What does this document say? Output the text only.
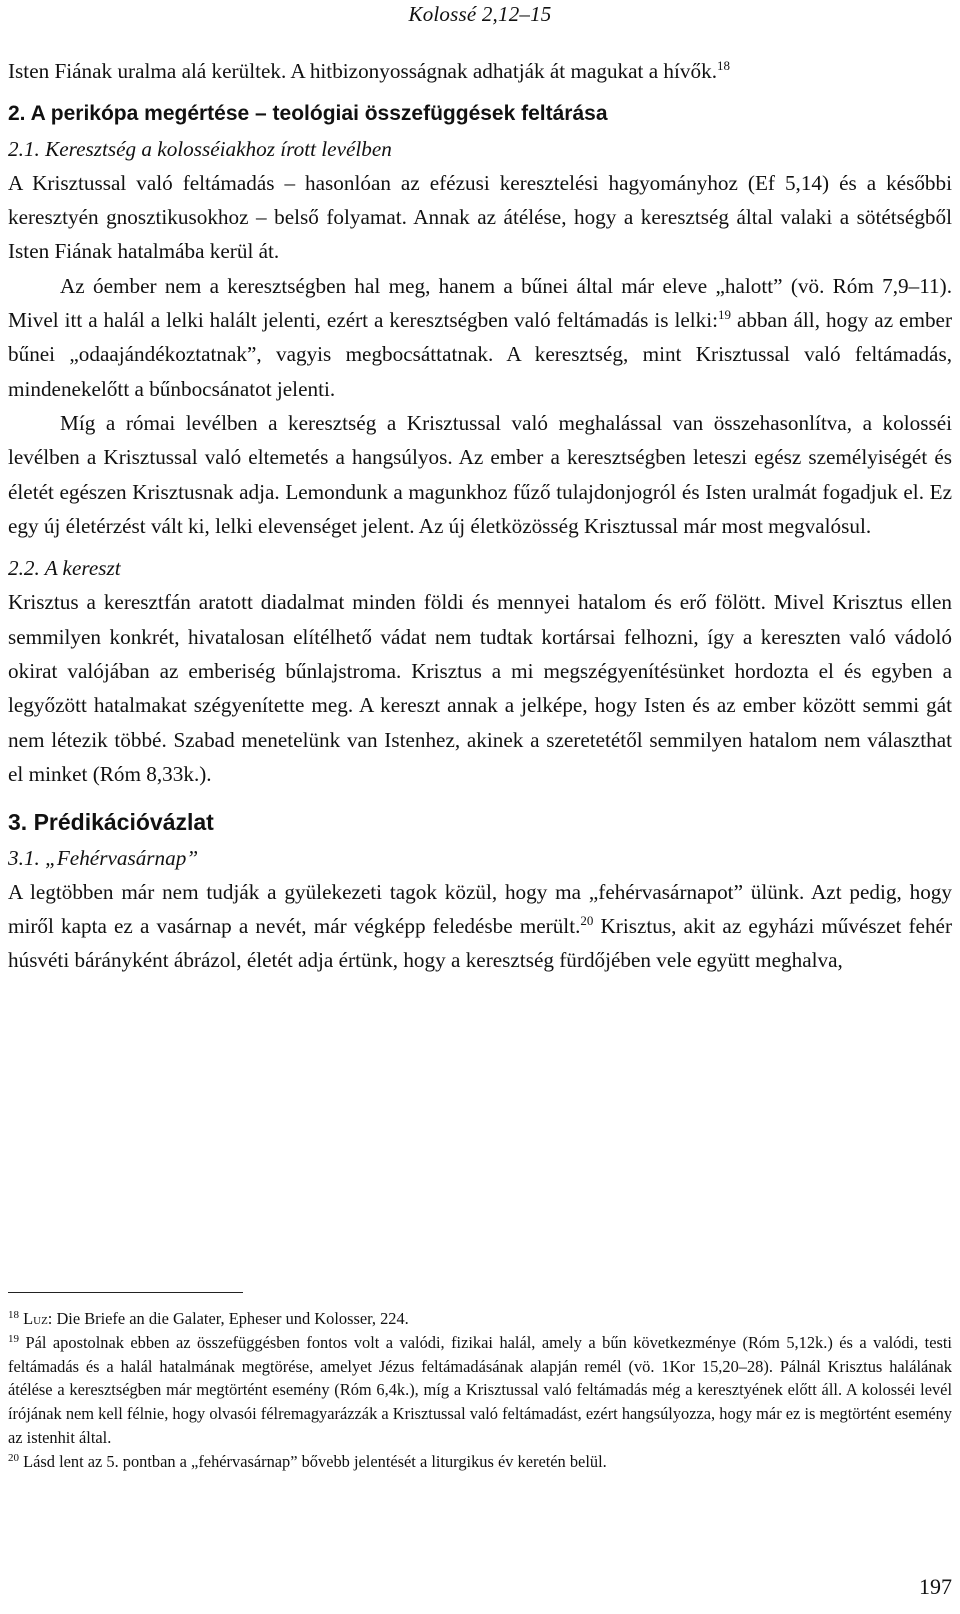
Kolossé 2,12–15

Isten Fiának uralma alá kerültek. A hitbizonyosságnak adhatják át magukat a hívők.$^{18}$

2. A perikópa megértése – teológiai összefüggések feltárása

2.1. Keresztség a kolosséiakhoz írott levélben

A Krisztussal való feltámadás – hasonlóan az efézusi keresztelési hagyományhoz (Ef 5,14) és a későbbi keresztyén gnosztikusokhoz – belső folyamat. Annak az átélése, hogy a keresztség által valaki a sötétségből Isten Fiának hatalmába kerül át.

Az óember nem a keresztségben hal meg, hanem a bűnei által már eleve „halott” (vö. Róm 7,9–11). Mivel itt a halál a lelki halált jelenti, ezért a keresztségben való feltámadás is lelki:$^{19}$ abban áll, hogy az ember bűnei „odaajándékoztatnak”, vagyis megbocsáttatnak. A keresztség, mint Krisztussal való feltámadás, mindenekelőtt a bűnbocsánatot jelenti.

Míg a római levélben a keresztség a Krisztussal való meghalással van összehasonlítva, a kolosséi levélben a Krisztussal való eltemetés a hangsúlyos. Az ember a keresztségben leteszi egész személyiségét és életét egészen Krisztusnak adja. Lemondunk a magunkhoz fűző tulajdonjogról és Isten uralmát fogadjuk el. Ez egy új életérzést vált ki, lelki elevenséget jelent. Az új életközösség Krisztussal már most megvalósul.

2.2. A kereszt

Krisztus a keresztfán aratott diadalmat minden földi és mennyei hatalom és erő fölött. Mivel Krisztus ellen semmilyen konkrét, hivatalosan elítélhető vádat nem tudtak kortársai felhozni, így a kereszten való vádoló okirat valójában az emberiség bűnlajstroma. Krisztus a mi megszégyenítésünket hordozta el és egyben a legyőzött hatalmakat szégyenítette meg. A kereszt annak a jelképe, hogy Isten és az ember között semmi gát nem létezik többé. Szabad menetelünk van Istenhez, akinek a szeretetétől semmilyen hatalom nem választhat el minket (Róm 8,33k.).

3. Prédikációvázlat

3.1. „Fehérvasárnap”

A legtöbben már nem tudják a gyülekezeti tagok közül, hogy ma „fehérvasárnapot” ülünk. Azt pedig, hogy miről kapta ez a vasárnap a nevét, már végképp feledésbe merült.$^{20}$ Krisztus, akit az egyházi művészet fehér húsvéti bárányként ábrázol, életét adja értünk, hogy a keresztség fürdőjében vele együtt meghalva,

$^{18}$ Luz: Die Briefe an die Galater, Epheser und Kolosser, 224.

$^{19}$ Pál apostolnak ebben az összefüggésben fontos volt a valódi, fizikai halál, amely a bűn következménye (Róm 5,12k.) és a valódi, testi feltámadás és a halál hatalmának megtörése, amelyet Jézus feltámadásának alapján remél (vö. 1Kor 15,20–28). Pálnál Krisztus halálának átélése a keresztségben már megtörtént esemény (Róm 6,4k.), míg a Krisztussal való feltámadás még a keresztyének előtt áll. A kolosséi levél írójának nem kell félnie, hogy olvasói félremagyarázzák a Krisztussal való feltámadást, ezért hangsúlyozza, hogy már ez is megtörtént esemény az istenhit által.

$^{20}$ Lásd lent az 5. pontban a „fehérvasárnap” bővebb jelentését a liturgikus év keretén belül.

197
